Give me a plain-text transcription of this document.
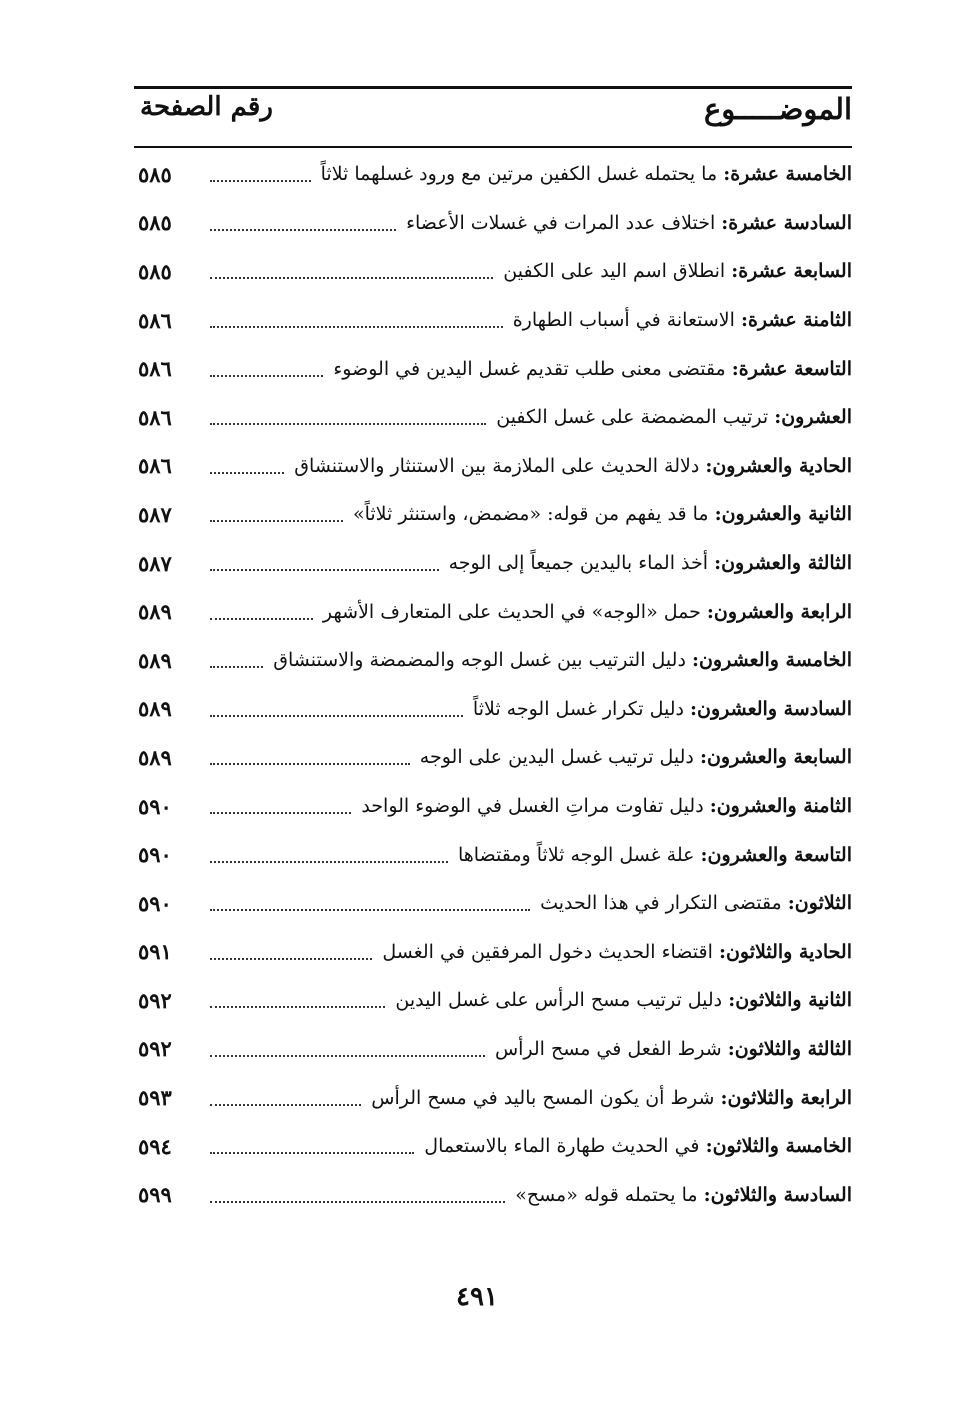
الموضـــــوع
رقم الصفحة
الخامسة عشرة: ما يحتمله غسل الكفين مرتين مع ورود غسلهما ثلاثاً
٥٨٥
السادسة عشرة: اختلاف عدد المرات في غسلات الأعضاء
٥٨٥
السابعة عشرة: انطلاق اسم اليد على الكفين
٥٨٥
الثامنة عشرة: الاستعانة في أسباب الطهارة
٥٨٦
التاسعة عشرة: مقتضى معنى طلب تقديم غسل اليدين في الوضوء
٥٨٦
العشرون: ترتيب المضمضة على غسل الكفين
٥٨٦
الحادية والعشرون: دلالة الحديث على الملازمة بين الاستنثار والاستنشاق
٥٨٦
الثانية والعشرون: ما قد يفهم من قوله: «مضمض، واستنثر ثلاثاً»
٥٨٧
الثالثة والعشرون: أخذ الماء باليدين جميعاً إلى الوجه
٥٨٧
الرابعة والعشرون: حمل «الوجه» في الحديث على المتعارف الأشهر
٥٨٩
الخامسة والعشرون: دليل الترتيب بين غسل الوجه والمضمضة والاستنشاق
٥٨٩
السادسة والعشرون: دليل تكرار غسل الوجه ثلاثاً
٥٨٩
السابعة والعشرون: دليل ترتيب غسل اليدين على الوجه
٥٨٩
الثامنة والعشرون: دليل تفاوت مراتِ الغسل في الوضوء الواحد
٥٩٠
التاسعة والعشرون: علة غسل الوجه ثلاثاً ومقتضاها
٥٩٠
الثلاثون: مقتضى التكرار في هذا الحديث
٥٩٠
الحادية والثلاثون: اقتضاء الحديث دخول المرفقين في الغسل
٥٩١
الثانية والثلاثون: دليل ترتيب مسح الرأس على غسل اليدين
٥٩٢
الثالثة والثلاثون: شرط الفعل في مسح الرأس
٥٩٢
الرابعة والثلاثون: شرط أن يكون المسح باليد في مسح الرأس
٥٩٣
الخامسة والثلاثون: في الحديث طهارة الماء بالاستعمال
٥٩٤
السادسة والثلاثون: ما يحتمله قوله «مسح»
٥٩٩
٤٩١
